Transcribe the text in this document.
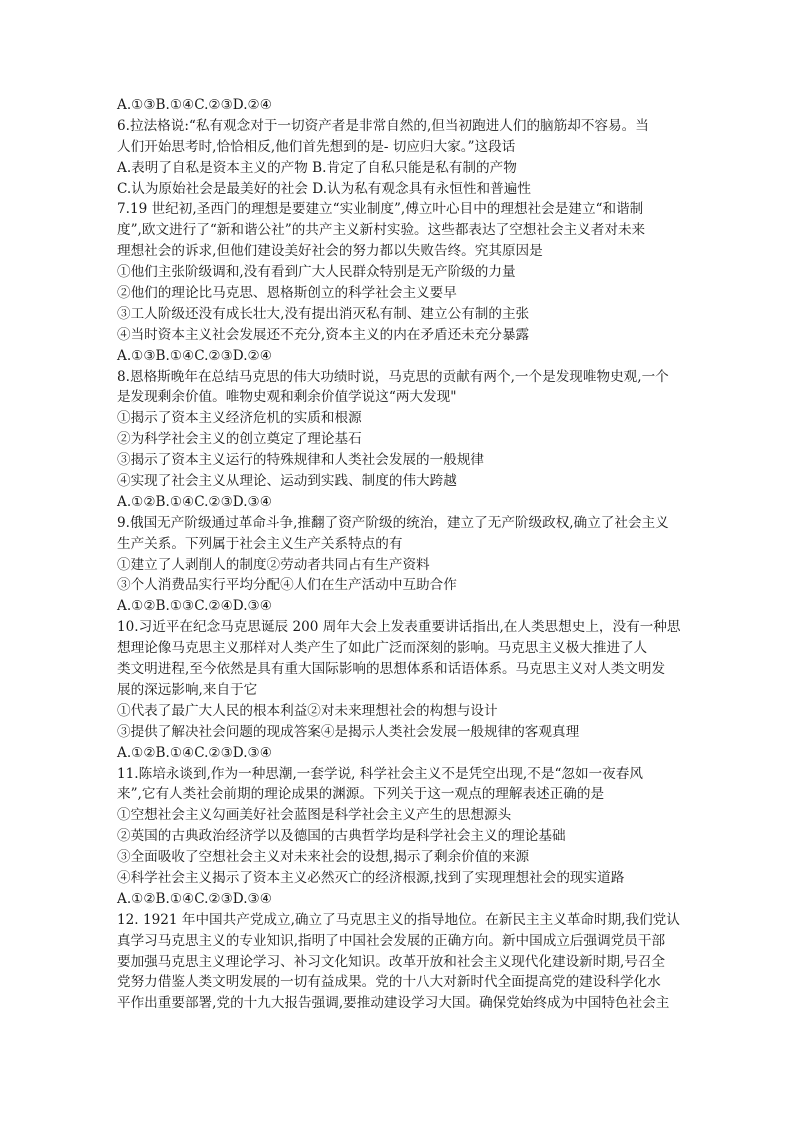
A.①③B.①④C.②③D.②④
6.拉法格说:“私有观念对于一切资产者是非常自然的,但当初跑进人们的脑筋却不容易。当
人们开始思考时,恰恰相反,他们首先想到的是- 切应归大家。”这段话
A.表明了自私是资本主义的产物 B.肯定了自私只能是私有制的产物
C.认为原始社会是最美好的社会 D.认为私有观念具有永恒性和普遍性
7.19 世纪初,圣西门的理想是要建立“实业制度”,傅立叶心目中的理想社会是建立“和谐制
度”,欧文进行了“新和谐公社”的共产主义新村实验。这些都表达了空想社会主义者对未来
理想社会的诉求,但他们建设美好社会的努力都以失败告终。究其原因是
①他们主张阶级调和,没有看到广大人民群众特别是无产阶级的力量
②他们的理论比马克思、恩格斯创立的科学社会主义要早
③工人阶级还没有成长壮大,没有提出消灭私有制、建立公有制的主张
④当时资本主义社会发展还不充分,资本主义的内在矛盾还未充分暴露
A.①③B.①④C.②③D.②④
8.恩格斯晚年在总结马克思的伟大功绩时说，马克思的贡献有两个,一个是发现唯物史观,一个
是发现剩余价值。唯物史观和剩余价值学说这“两大发现"
①揭示了资本主义经济危机的实质和根源
②为科学社会主义的创立奠定了理论基石
③揭示了资本主义运行的特殊规律和人类社会发展的一般规律
④实现了社会主义从理论、运动到实践、制度的伟大跨越
A.①②B.①④C.②③D.③④
9.俄国无产阶级通过革命斗争,推翻了资产阶级的统治，建立了无产阶级政权,确立了社会主义
生产关系。下列属于社会主义生产关系特点的有
①建立了人剥削人的制度②劳动者共同占有生产资料
③个人消费品实行平均分配④人们在生产活动中互助合作
A.①②B.①③C.②④D.③④
10.习近平在纪念马克思诞辰 200 周年大会上发表重要讲话指出,在人类思想史上，没有一种思
想理论像马克思主义那样对人类产生了如此广泛而深刻的影响。马克思主义极大推进了人
类文明进程,至今依然是具有重大国际影响的思想体系和话语体系。马克思主义对人类文明发
展的深远影响,来自于它
①代表了最广大人民的根本利益②对未来理想社会的构想与设计
③提供了解决社会问题的现成答案④是揭示人类社会发展一般规律的客观真理
A.①②B.①④C.②③D.③④
11.陈培永谈到,作为一种思潮,一套学说, 科学社会主义不是凭空出现,不是“忽如一夜春风
来”,它有人类社会前期的理论成果的渊源。下列关于这一观点的理解表述正确的是
①空想社会主义勾画美好社会蓝图是科学社会主义产生的思想源头
②英国的古典政治经济学以及德国的古典哲学均是科学社会主义的理论基础
③全面吸收了空想社会主义对未来社会的设想,揭示了剩余价值的来源
④科学社会主义揭示了资本主义必然灭亡的经济根源,找到了实现理想社会的现实道路
A.①②B.①④C.②③D.③④
12. 1921 年中国共产党成立,确立了马克思主义的指导地位。在新民主主义革命时期,我们党认
真学习马克思主义的专业知识,指明了中国社会发展的正确方向。新中国成立后强调党员干部
要加强马克思主义理论学习、补习文化知识。改革开放和社会主义现代化建设新时期,号召全
党努力借鉴人类文明发展的一切有益成果。党的十八大对新时代全面提高党的建设科学化水
平作出重要部署,党的十九大报告强调,要推动建设学习大国。确保党始终成为中国特色社会主
